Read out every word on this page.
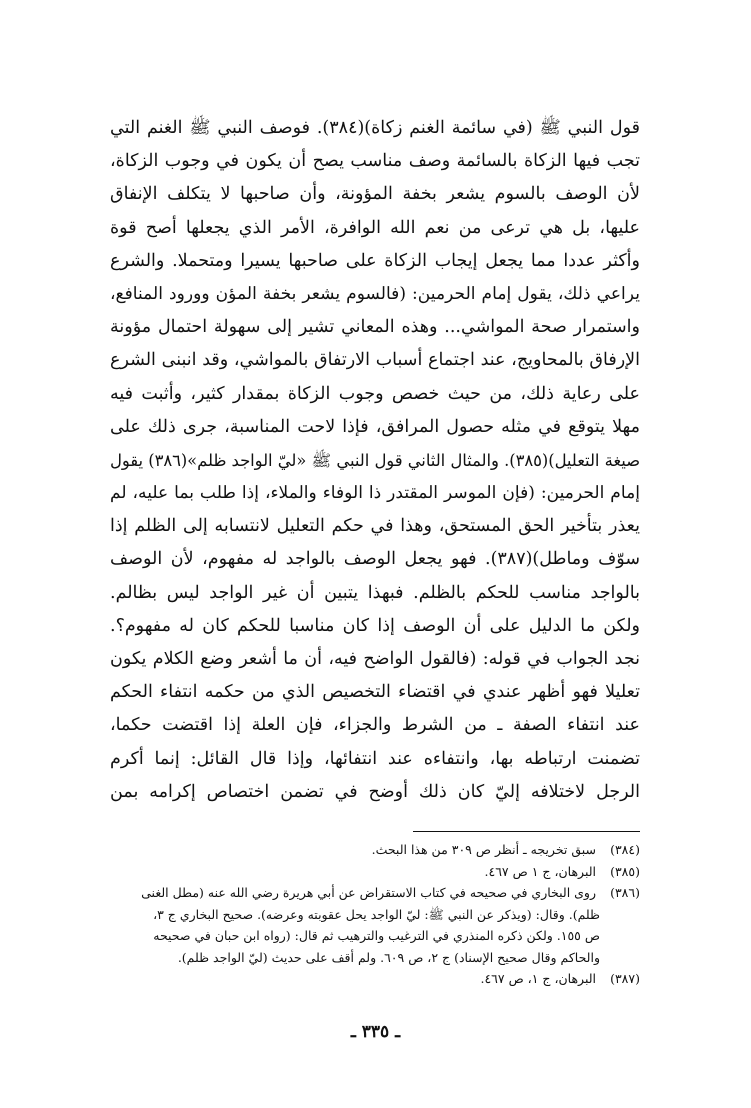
قول النبي ﷺ (في سائمة الغنم زكاة)(٣٨٤). فوصف النبي ﷺ الغنم التي
تجب فيها الزكاة بالسائمة وصف مناسب يصح أن يكون في وجوب الزكاة،
لأن الوصف بالسوم يشعر بخفة المؤونة، وأن صاحبها لا يتكلف الإنفاق
عليها، بل هي ترعى من نعم الله الوافرة، الأمر الذي يجعلها أصح قوة
وأكثر عددا مما يجعل إيجاب الزكاة على صاحبها يسيرا ومتحملا. والشرع
يراعي ذلك، يقول إمام الحرمين: (فالسوم يشعر بخفة المؤن وورود المنافع،
واستمرار صحة المواشي... وهذه المعاني تشير إلى سهولة احتمال مؤونة
الإرفاق بالمحاويج، عند اجتماع أسباب الارتفاق بالمواشي، وقد انبنى الشرع
على رعاية ذلك، من حيث خصص وجوب الزكاة بمقدار كثير، وأثبت فيه
مهلا يتوقع في مثله حصول المرافق، فإذا لاحت المناسبة، جرى ذلك على
صيغة التعليل)(٣٨٥). والمثال الثاني قول النبي ﷺ «ليّ الواجد ظلم»(٣٨٦) يقول
إمام الحرمين: (فإن الموسر المقتدر ذا الوفاء والملاء، إذا طلب بما عليه، لم
يعذر بتأخير الحق المستحق، وهذا في حكم التعليل لانتسابه إلى الظلم إذا
سوّف وماطل)(٣٨٧). فهو يجعل الوصف بالواجد له مفهوم، لأن الوصف
بالواجد مناسب للحكم بالظلم. فبهذا يتبين أن غير الواجد ليس بظالم.
ولكن ما الدليل على أن الوصف إذا كان مناسبا للحكم كان له مفهوم؟.
نجد الجواب في قوله: (فالقول الواضح فيه، أن ما أشعر وضع الكلام يكون
تعليلا فهو أظهر عندي في اقتضاء التخصيص الذي من حكمه انتفاء الحكم
عند انتفاء الصفة ـ من الشرط والجزاء، فإن العلة إذا اقتضت حكما،
تضمنت ارتباطه بها، وانتفاءه عند انتفائها، وإذا قال القائل: إنما أكرم
الرجل لاختلافه إليّ كان ذلك أوضح في تضمن اختصاص إكرامه بمن
(٣٨٤) سبق تخريجه ـ أنظر ص ٣٠٩ من هذا البحث.
(٣٨٥) البرهان، ج ١ ص ٤٦٧.
(٣٨٦) روى البخاري في صحيحه في كتاب الاستقراض عن أبي هريرة رضي الله عنه (مطل الغنى
ظلم). وقال: (ويذكر عن النبي ﷺ: ليّ الواجد يحل عقوبته وعرضه). صحيح البخاري ج ٣،
ص ١٥٥. ولكن ذكره المنذري في الترغيب والترهيب ثم قال: (رواه ابن حبان في صحيحه
والحاكم وقال صحيح الإسناد) ج ٢، ص ٦٠٩. ولم أقف على حديث (ليّ الواجد ظلم).
(٣٨٧) البرهان، ج ١، ص ٤٦٧.
ـ ٣٣٥ ـ
